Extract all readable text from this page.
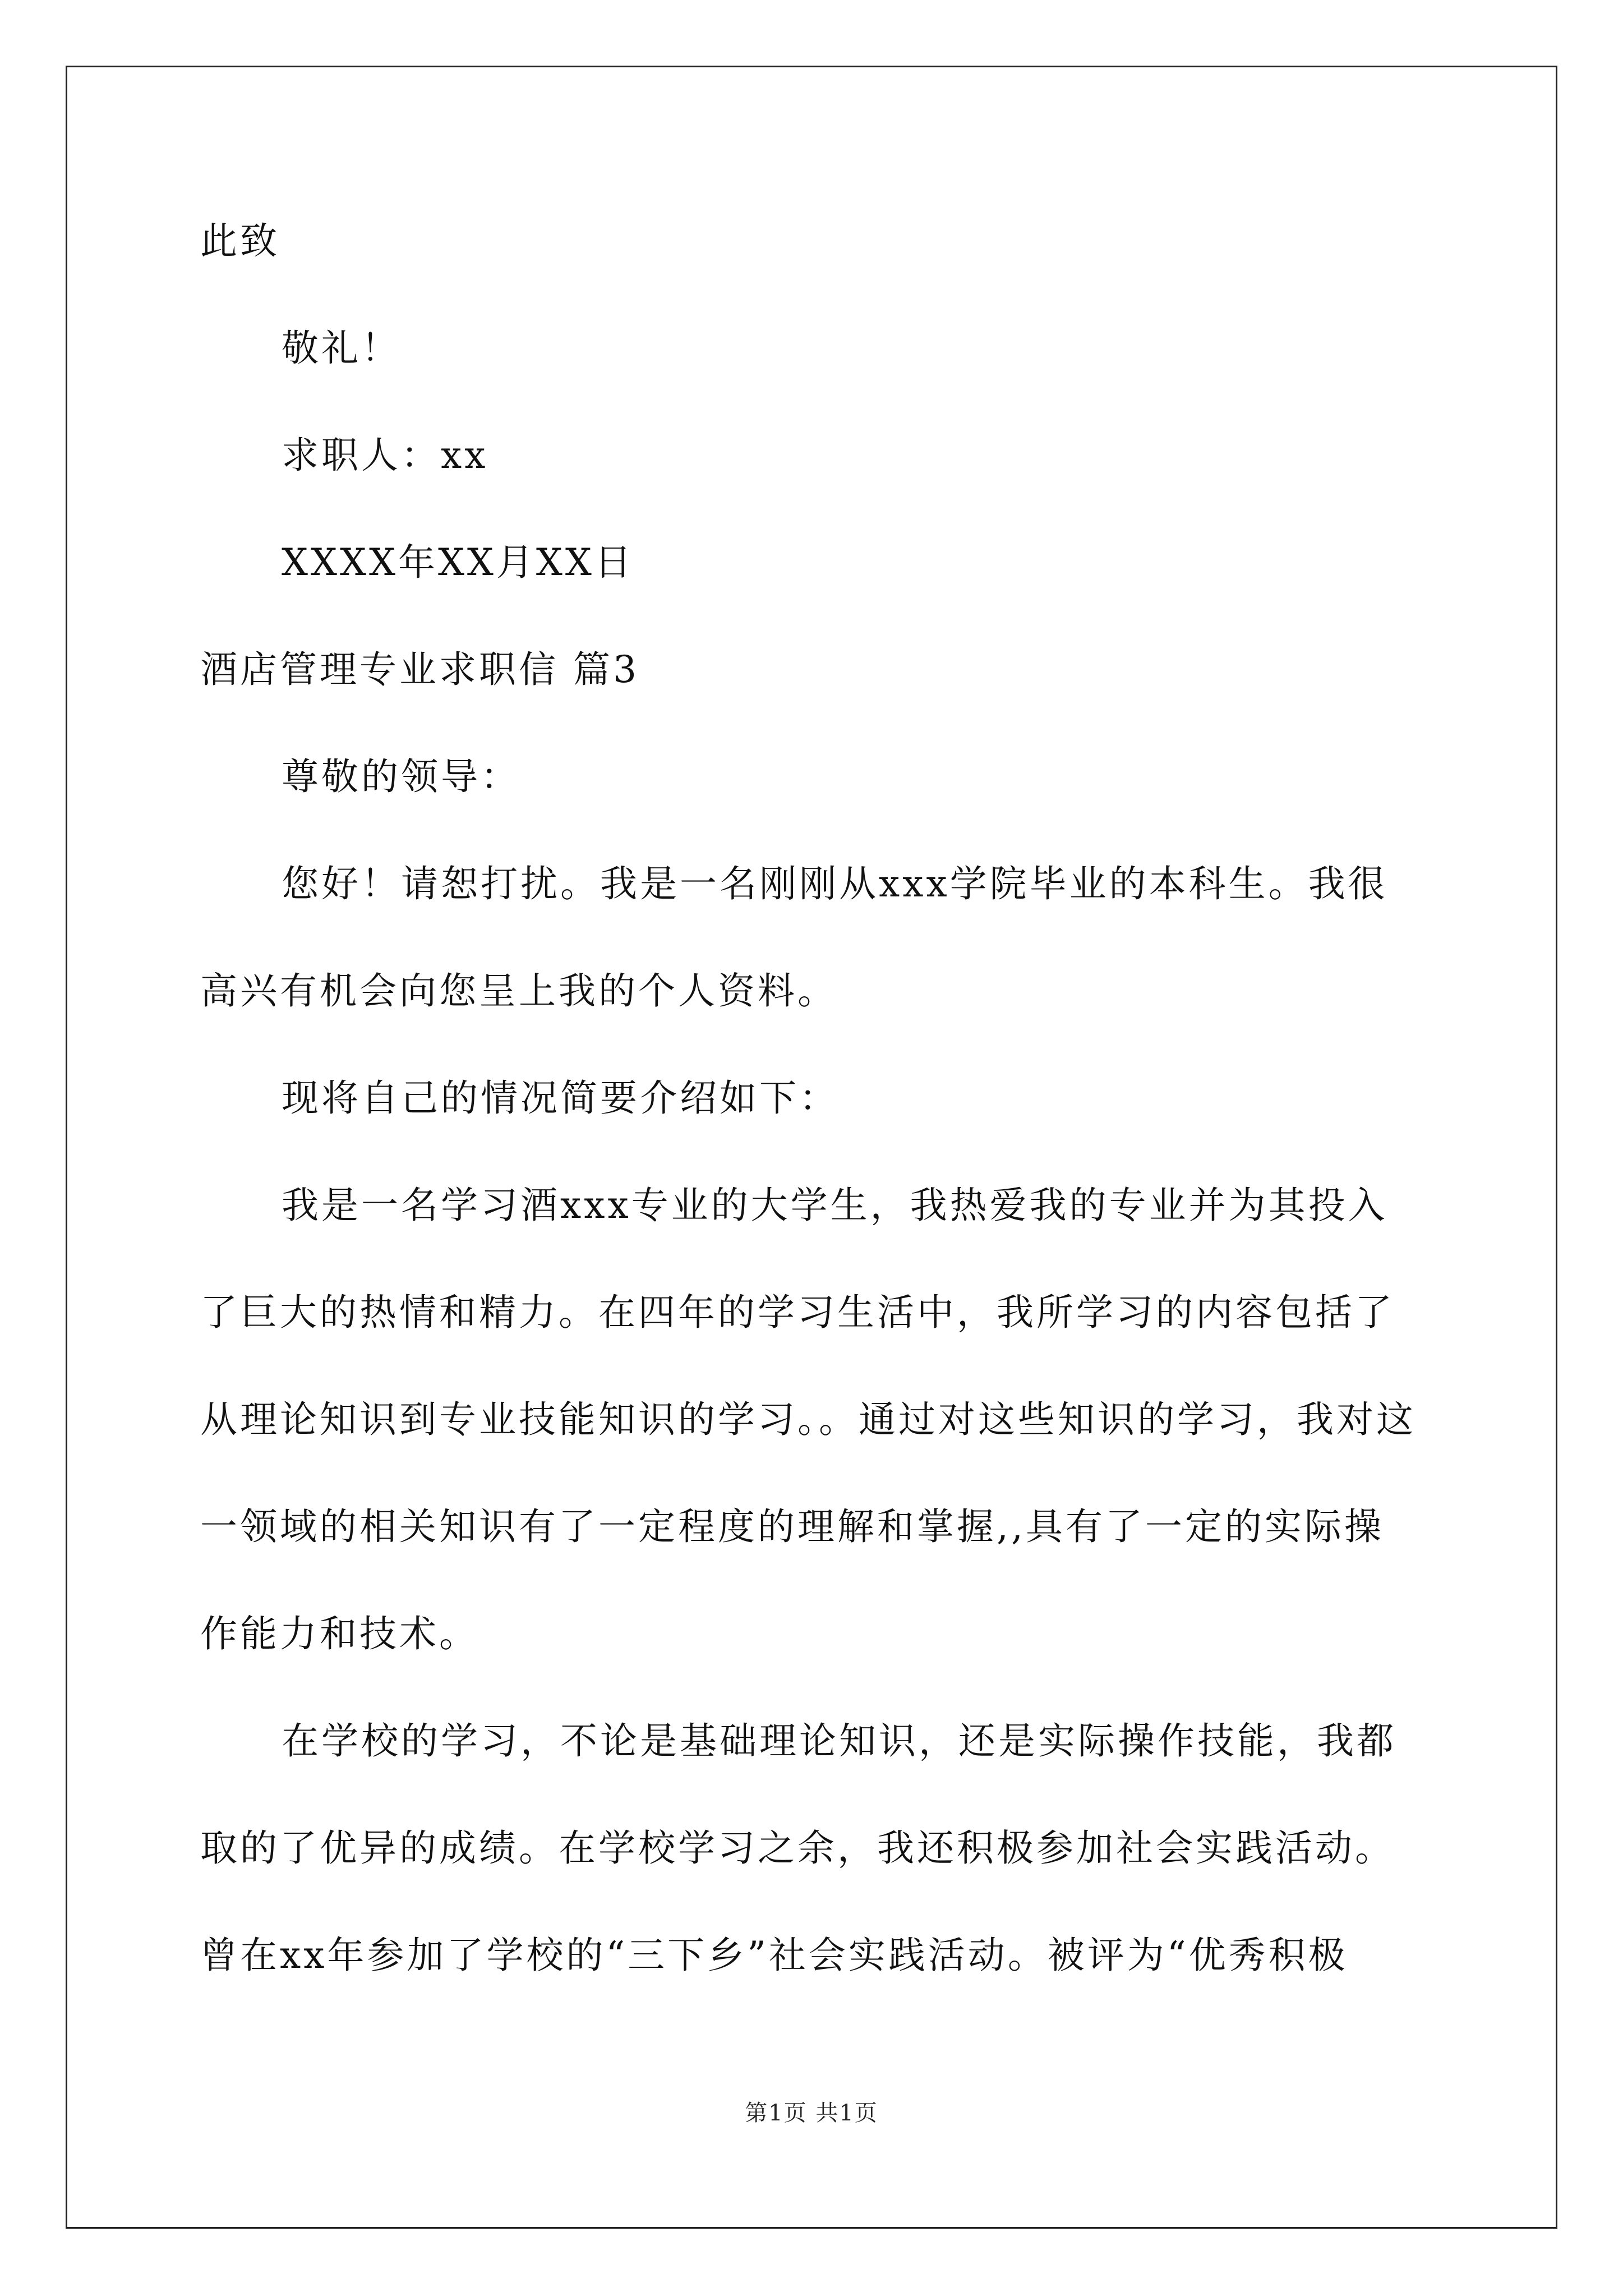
此致
敬礼！
求职人：xx
XXXX年XX月XX日
酒店管理专业求职信 篇3
尊敬的领导：
您好！请恕打扰。我是一名刚刚从xxx学院毕业的本科生。我很
高兴有机会向您呈上我的个人资料。
现将自己的情况简要介绍如下：
我是一名学习酒xxx专业的大学生，我热爱我的专业并为其投入
了巨大的热情和精力。在四年的学习生活中，我所学习的内容包括了
从理论知识到专业技能知识的学习。。通过对这些知识的学习，我对这
一领域的相关知识有了一定程度的理解和掌握,,具有了一定的实际操
作能力和技术。
在学校的学习，不论是基础理论知识，还是实际操作技能，我都
取的了优异的成绩。在学校学习之余，我还积极参加社会实践活动。
曾在xx年参加了学校的“三下乡”社会实践活动。被评为“优秀积极
第1页 共1页
